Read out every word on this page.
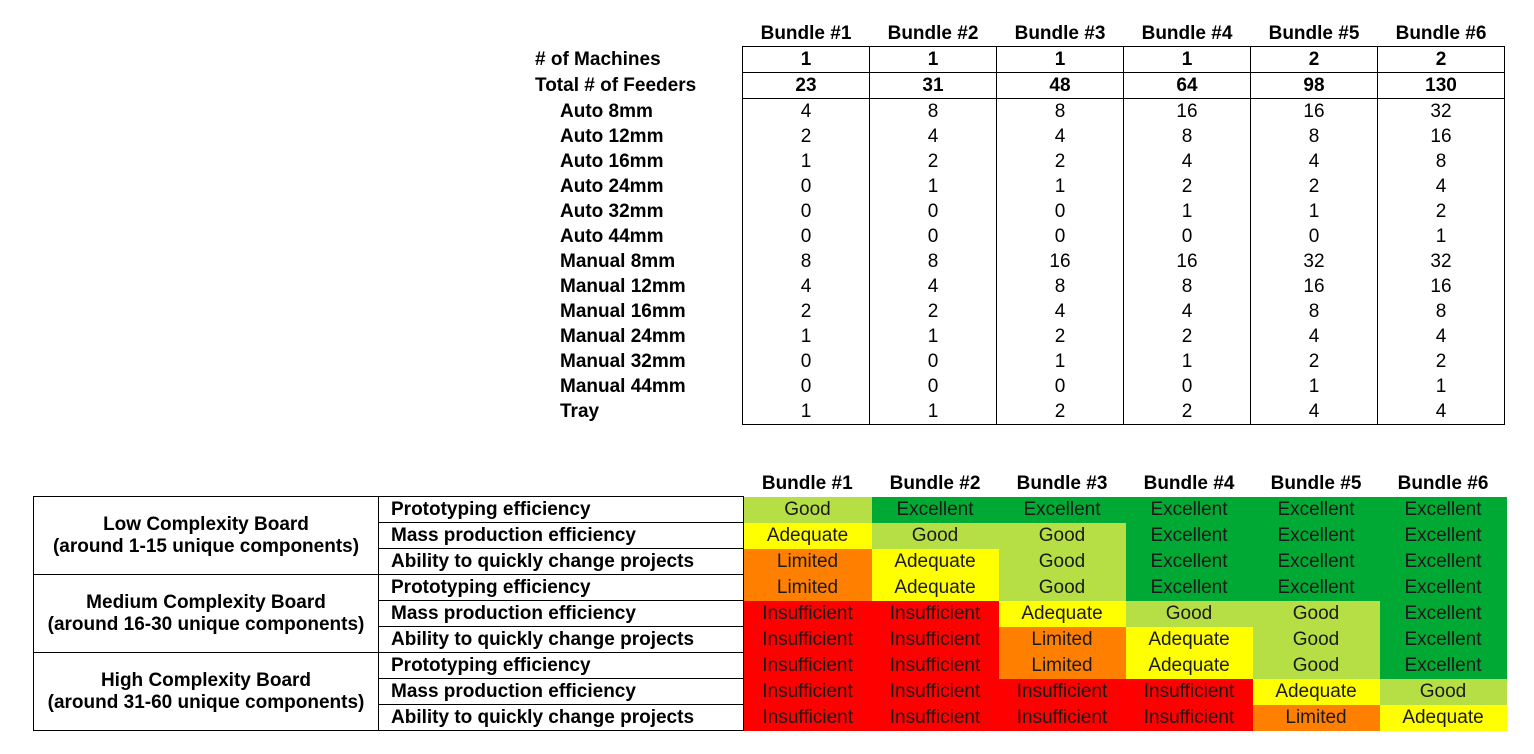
	Bundle #1	Bundle #2	Bundle #3	Bundle #4	Bundle #5	Bundle #6
# of Machines	1	1	1	1	2	2
Total # of Feeders	23	31	48	64	98	130
Auto 8mm	4	8	8	16	16	32
Auto 12mm	2	4	4	8	8	16
Auto 16mm	1	2	2	4	4	8
Auto 24mm	0	1	1	2	2	4
Auto 32mm	0	0	0	1	1	2
Auto 44mm	0	0	0	0	0	1
Manual 8mm	8	8	16	16	32	32
Manual 12mm	4	4	8	8	16	16
Manual 16mm	2	2	4	4	8	8
Manual 24mm	1	1	2	2	4	4
Manual 32mm	0	0	1	1	2	2
Manual 44mm	0	0	0	0	1	1
Tray	1	1	2	2	4	4
		Bundle #1	Bundle #2	Bundle #3	Bundle #4	Bundle #5	Bundle #6

Low Complexity Board
(around 1-15 unique components)	Prototyping efficiency	Good	Excellent	Excellent	Excellent	Excellent	Excellent
	Mass production efficiency	Adequate	Good	Good	Excellent	Excellent	Excellent
	Ability to quickly change projects	Limited	Adequate	Good	Excellent	Excellent	Excellent

Medium Complexity Board
(around 16-30 unique components)	Prototyping efficiency	Limited	Adequate	Good	Excellent	Excellent	Excellent
	Mass production efficiency	Insufficient	Insufficient	Adequate	Good	Good	Excellent
	Ability to quickly change projects	Insufficient	Insufficient	Limited	Adequate	Good	Excellent

High Complexity Board
(around 31-60 unique components)	Prototyping efficiency	Insufficient	Insufficient	Limited	Adequate	Good	Excellent
	Mass production efficiency	Insufficient	Insufficient	Insufficient	Insufficient	Adequate	Good
	Ability to quickly change projects	Insufficient	Insufficient	Insufficient	Insufficient	Limited	Adequate
